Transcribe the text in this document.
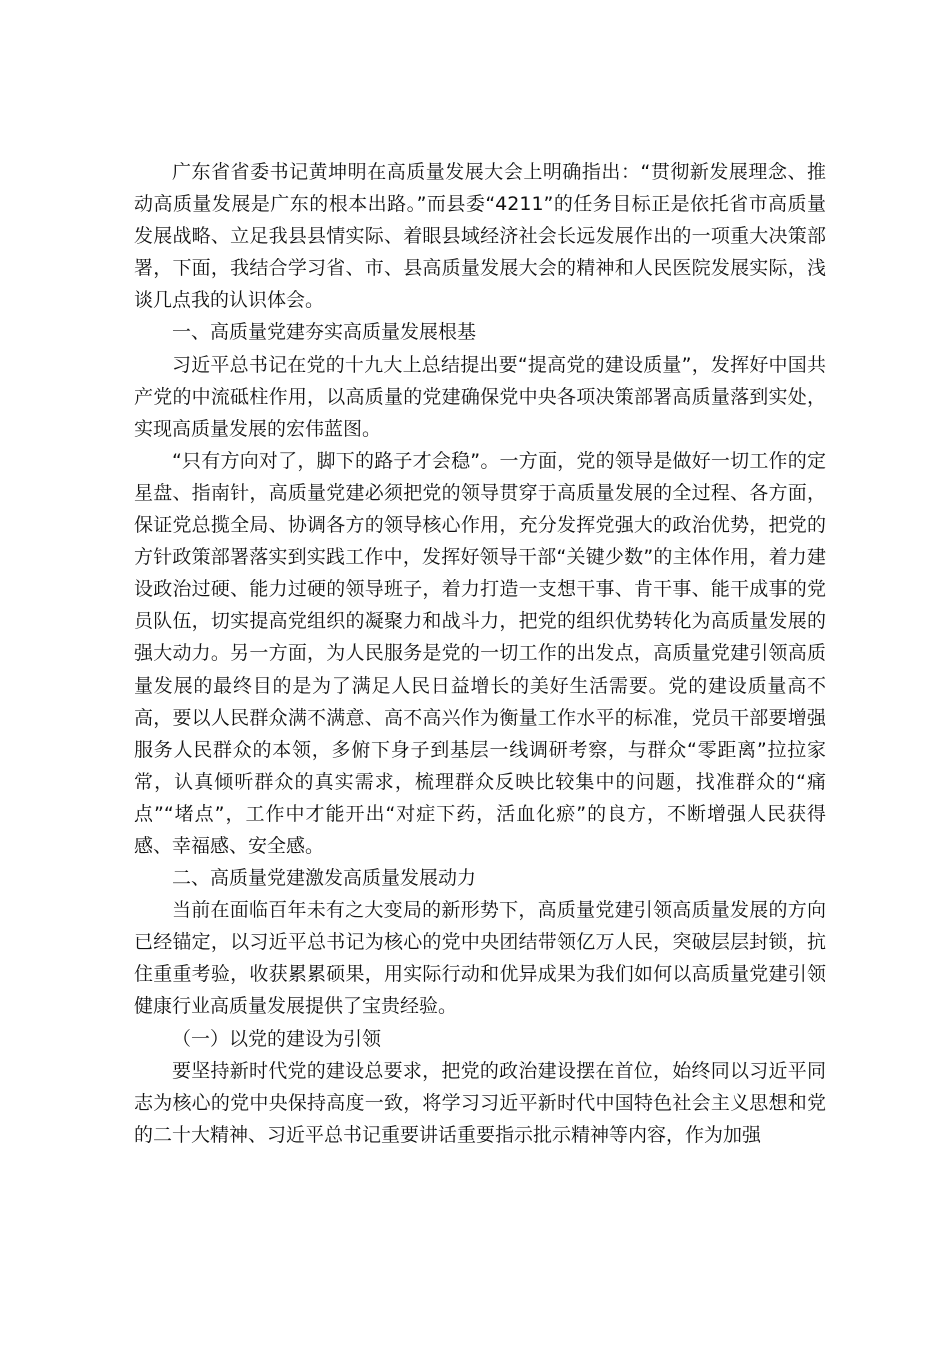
广东省省委书记黄坤明在高质量发展大会上明确指出：“贯彻新发展理念、推动高质量发展是广东的根本出路。”而县委“4211”的任务目标正是依托省市高质量发展战略、立足我县县情实际、着眼县域经济社会长远发展作出的一项重大决策部署，下面，我结合学习省、市、县高质量发展大会的精神和人民医院发展实际，浅谈几点我的认识体会。

一、高质量党建夯实高质量发展根基

习近平总书记在党的十九大上总结提出要“提高党的建设质量”，发挥好中国共产党的中流砥柱作用，以高质量的党建确保党中央各项决策部署高质量落到实处，实现高质量发展的宏伟蓝图。

“只有方向对了，脚下的路子才会稳”。一方面，党的领导是做好一切工作的定星盘、指南针，高质量党建必须把党的领导贯穿于高质量发展的全过程、各方面，保证党总揽全局、协调各方的领导核心作用，充分发挥党强大的政治优势，把党的方针政策部署落实到实践工作中，发挥好领导干部“关键少数”的主体作用，着力建设政治过硬、能力过硬的领导班子，着力打造一支想干事、肯干事、能干成事的党员队伍，切实提高党组织的凝聚力和战斗力，把党的组织优势转化为高质量发展的强大动力。另一方面，为人民服务是党的一切工作的出发点，高质量党建引领高质量发展的最终目的是为了满足人民日益增长的美好生活需要。党的建设质量高不高，要以人民群众满不满意、高不高兴作为衡量工作水平的标准，党员干部要增强服务人民群众的本领，多俯下身子到基层一线调研考察，与群众“零距离”拉拉家常，认真倾听群众的真实需求，梳理群众反映比较集中的问题，找准群众的“痛点”“堵点”，工作中才能开出“对症下药，活血化瘀”的良方，不断增强人民获得感、幸福感、安全感。

二、高质量党建激发高质量发展动力

当前在面临百年未有之大变局的新形势下，高质量党建引领高质量发展的方向已经锚定，以习近平总书记为核心的党中央团结带领亿万人民，突破层层封锁，抗住重重考验，收获累累硕果，用实际行动和优异成果为我们如何以高质量党建引领健康行业高质量发展提供了宝贵经验。

（一）以党的建设为引领

要坚持新时代党的建设总要求，把党的政治建设摆在首位，始终同以习近平同志为核心的党中央保持高度一致，将学习习近平新时代中国特色社会主义思想和党的二十大精神、习近平总书记重要讲话重要指示批示精神等内容，作为加强
